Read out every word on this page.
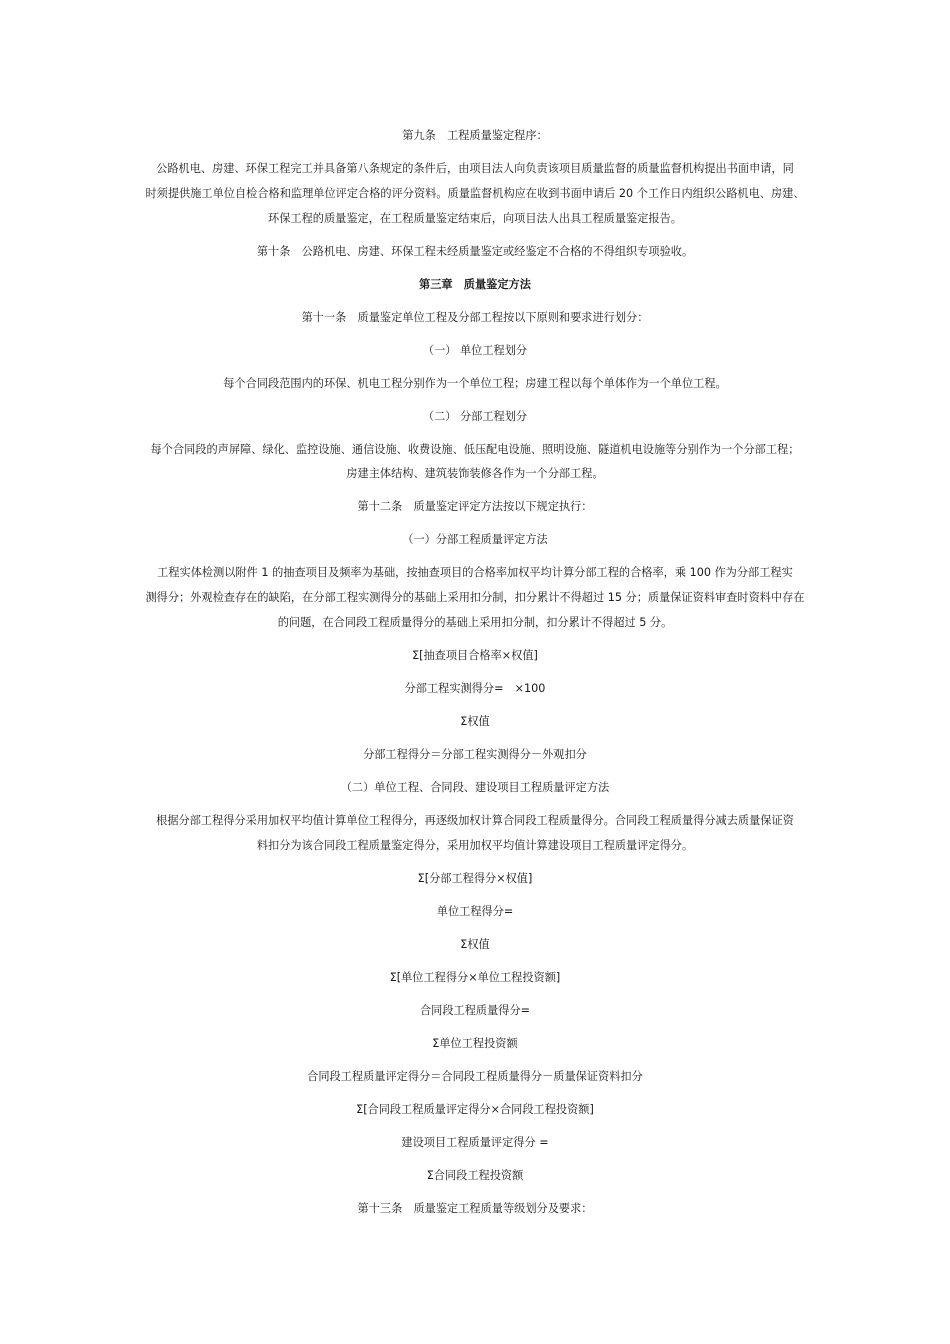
第九条　工程质量鉴定程序：
公路机电、房建、环保工程完工并具备第八条规定的条件后，由项目法人向负责该项目质量监督的质量监督机构提出书面申请，同
时须提供施工单位自检合格和监理单位评定合格的评分资料。质量监督机构应在收到书面申请后 20 个工作日内组织公路机电、房建、
环保工程的质量鉴定，在工程质量鉴定结束后，向项目法人出具工程质量鉴定报告。
第十条　公路机电、房建、环保工程未经质量鉴定或经鉴定不合格的不得组织专项验收。
第三章　质量鉴定方法
第十一条　质量鉴定单位工程及分部工程按以下原则和要求进行划分：
（一） 单位工程划分
每个合同段范围内的环保、机电工程分别作为一个单位工程；房建工程以每个单体作为一个单位工程。
（二） 分部工程划分
每个合同段的声屏障、绿化、监控设施、通信设施、收费设施、低压配电设施、照明设施、隧道机电设施等分别作为一个分部工程；
房建主体结构、建筑装饰装修各作为一个分部工程。
第十二条　质量鉴定评定方法按以下规定执行：
（一）分部工程质量评定方法
工程实体检测以附件 1 的抽查项目及频率为基础，按抽查项目的合格率加权平均计算分部工程的合格率，乘 100 作为分部工程实
测得分；外观检查存在的缺陷，在分部工程实测得分的基础上采用扣分制，扣分累计不得超过 15 分；质量保证资料审查时资料中存在
的问题，在合同段工程质量得分的基础上采用扣分制，扣分累计不得超过 5 分。
Σ[抽查项目合格率×权值]
分部工程实测得分=　×100
Σ权值
分部工程得分＝分部工程实测得分－外观扣分
（二）单位工程、合同段、建设项目工程质量评定方法
根据分部工程得分采用加权平均值计算单位工程得分，再逐级加权计算合同段工程质量得分。合同段工程质量得分减去质量保证资
料扣分为该合同段工程质量鉴定得分，采用加权平均值计算建设项目工程质量评定得分。
Σ[分部工程得分×权值]
单位工程得分=
Σ权值
Σ[单位工程得分×单位工程投资额]
合同段工程质量得分=
Σ单位工程投资额
合同段工程质量评定得分＝合同段工程质量得分－质量保证资料扣分
Σ[合同段工程质量评定得分×合同段工程投资额]
建设项目工程质量评定得分 =
Σ合同段工程投资额
第十三条　质量鉴定工程质量等级划分及要求：
